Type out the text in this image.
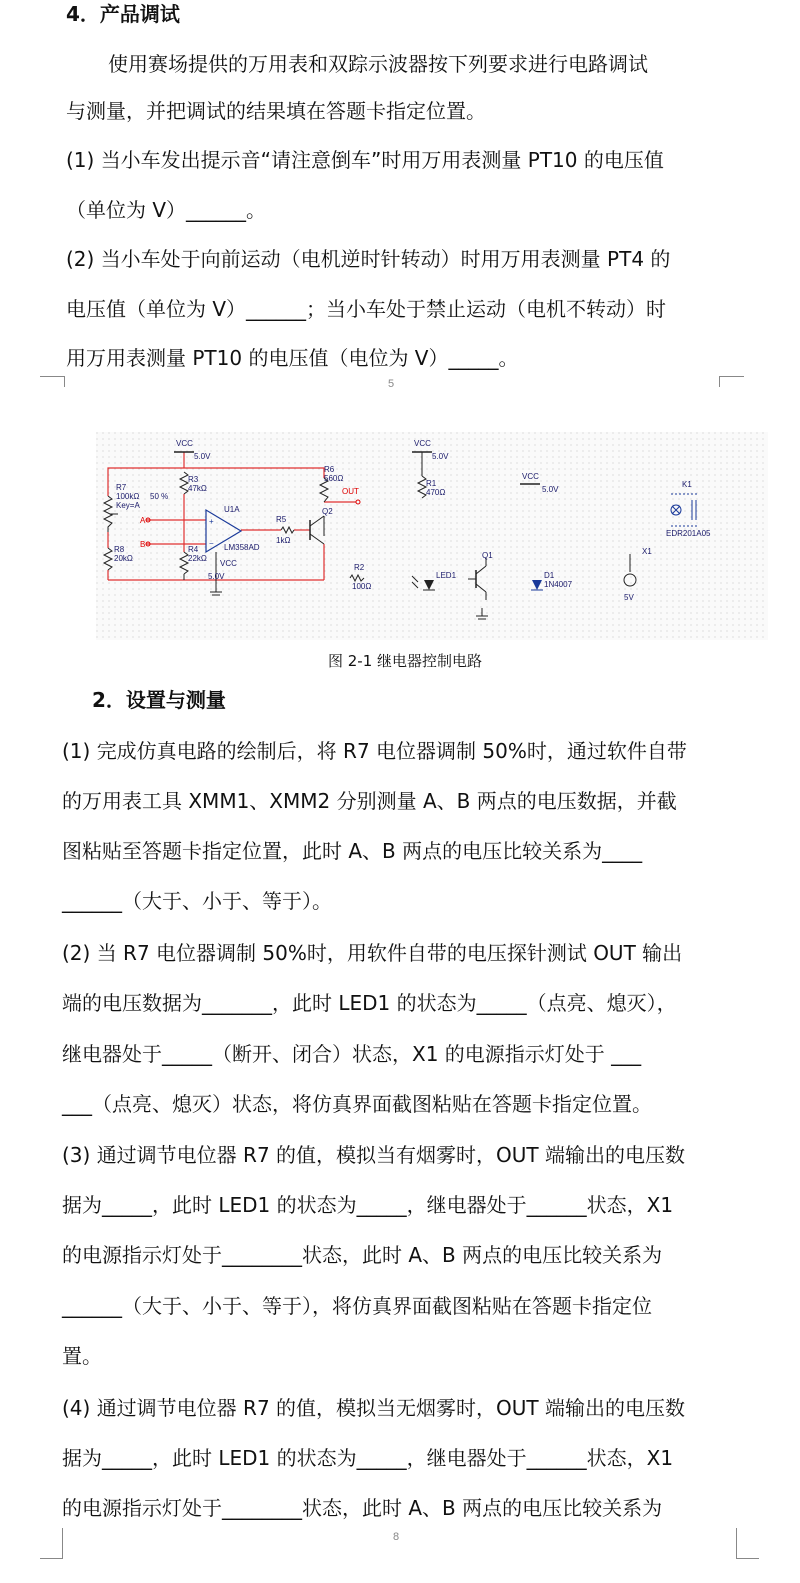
4．产品调试
使用赛场提供的万用表和双踪示波器按下列要求进行电路调试
与测量，并把调试的结果填在答题卡指定位置。
(1) 当小车发出提示音“请注意倒车”时用万用表测量 PT10 的电压值
（单位为 V）______。
(2) 当小车处于向前运动（电机逆时针转动）时用万用表测量 PT4 的
电压值（单位为 V）______；当小车处于禁止运动（电机不转动）时
用万用表测量 PT10 的电压值（电位为 V）_____。
5
VCC
5.0V
R7
100kΩ 50 %
Key=A
R8
20kΩ
R3
47kΩ
R4
22kΩ
A
B
+
−
U1A
LM358AD
VCC
5.0V
R5
1kΩ
R6
560Ω
OUT
Q2
VCC
5.0V
R1
470Ω
VCC
5.0V
R2
100Ω
LED1
Q1
D1
1N4007
K1
EDR201A05
X1
5V
图 2-1 继电器控制电路
2．设置与测量
(1) 完成仿真电路的绘制后，将 R7 电位器调制 50%时，通过软件自带
的万用表工具 XMM1、XMM2 分别测量 A、B 两点的电压数据，并截
图粘贴至答题卡指定位置，此时 A、B 两点的电压比较关系为____
______（大于、小于、等于）。
(2) 当 R7 电位器调制 50%时，用软件自带的电压探针测试 OUT 输出
端的电压数据为_______，此时 LED1 的状态为_____（点亮、熄灭），
继电器处于_____（断开、闭合）状态，X1 的电源指示灯处于 ___
___（点亮、熄灭）状态，将仿真界面截图粘贴在答题卡指定位置。
(3) 通过调节电位器 R7 的值，模拟当有烟雾时，OUT 端输出的电压数
据为_____，此时 LED1 的状态为_____，继电器处于______状态，X1
的电源指示灯处于________状态，此时 A、B 两点的电压比较关系为
______（大于、小于、等于），将仿真界面截图粘贴在答题卡指定位
置。
(4) 通过调节电位器 R7 的值，模拟当无烟雾时，OUT 端输出的电压数
据为_____，此时 LED1 的状态为_____，继电器处于______状态，X1
的电源指示灯处于________状态，此时 A、B 两点的电压比较关系为
8
